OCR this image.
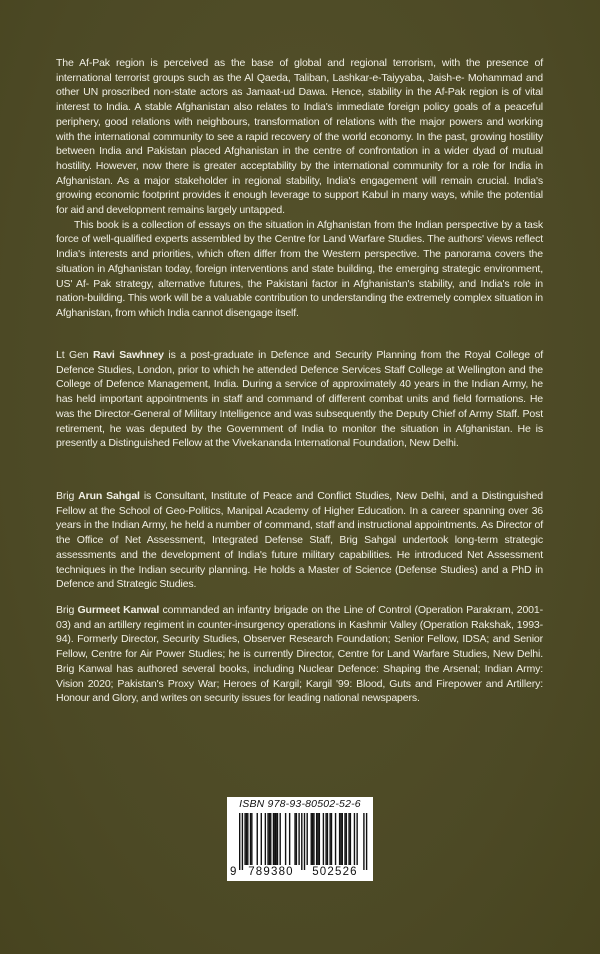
The Af-Pak region is perceived as the base of global and regional terrorism, with the presence of international terrorist groups such as the Al Qaeda, Taliban, Lashkar-e-Taiyyaba, Jaish-e- Mohammad and other UN proscribed non-state actors as Jamaat-ud Dawa. Hence, stability in the Af-Pak region is of vital interest to India. A stable Afghanistan also relates to India's immediate foreign policy goals of a peaceful periphery, good relations with neighbours, transformation of relations with the major powers and working with the international community to see a rapid recovery of the world economy. In the past, growing hostility between India and Pakistan placed Afghanistan in the centre of confrontation in a wider dyad of mutual hostility. However, now there is greater acceptability by the international community for a role for India in Afghanistan. As a major stakeholder in regional stability, India's engagement will remain crucial. India's growing economic footprint provides it enough leverage to support Kabul in many ways, while the potential for aid and development remains largely untapped.

This book is a collection of essays on the situation in Afghanistan from the Indian perspective by a task force of well-qualified experts assembled by the Centre for Land Warfare Studies. The authors' views reflect India's interests and priorities, which often differ from the Western perspective. The panorama covers the situation in Afghanistan today, foreign interventions and state building, the emerging strategic environment, US' Af- Pak strategy, alternative futures, the Pakistani factor in Afghanistan's stability, and India's role in nation-building. This work will be a valuable contribution to understanding the extremely complex situation in Afghanistan, from which India cannot disengage itself.

Lt Gen Ravi Sawhney is a post-graduate in Defence and Security Planning from the Royal College of Defence Studies, London, prior to which he attended Defence Services Staff College at Wellington and the College of Defence Management, India. During a service of approximately 40 years in the Indian Army, he has held important appointments in staff and command of different combat units and field formations. He was the Director-General of Military Intelligence and was subsequently the Deputy Chief of Army Staff. Post retirement, he was deputed by the Government of India to monitor the situation in Afghanistan. He is presently a Distinguished Fellow at the Vivekananda International Foundation, New Delhi.

Brig Arun Sahgal is Consultant, Institute of Peace and Conflict Studies, New Delhi, and a Distinguished Fellow at the School of Geo-Politics, Manipal Academy of Higher Education. In a career spanning over 36 years in the Indian Army, he held a number of command, staff and instructional appointments. As Director of the Office of Net Assessment, Integrated Defense Staff, Brig Sahgal undertook long-term strategic assessments and the development of India's future military capabilities. He introduced Net Assessment techniques in the Indian security planning. He holds a Master of Science (Defense Studies) and a PhD in Defence and Strategic Studies.

Brig Gurmeet Kanwal commanded an infantry brigade on the Line of Control (Operation Parakram, 2001-03) and an artillery regiment in counter-insurgency operations in Kashmir Valley (Operation Rakshak, 1993-94). Formerly Director, Security Studies, Observer Research Foundation; Senior Fellow, IDSA; and Senior Fellow, Centre for Air Power Studies; he is currently Director, Centre for Land Warfare Studies, New Delhi. Brig Kanwal has authored several books, including Nuclear Defence: Shaping the Arsenal; Indian Army: Vision 2020; Pakistan's Proxy War; Heroes of Kargil; Kargil '99: Blood, Guts and Firepower and Artillery: Honour and Glory, and writes on security issues for leading national newspapers.

ISBN 978-93-80502-52-6
9	789380	502526
